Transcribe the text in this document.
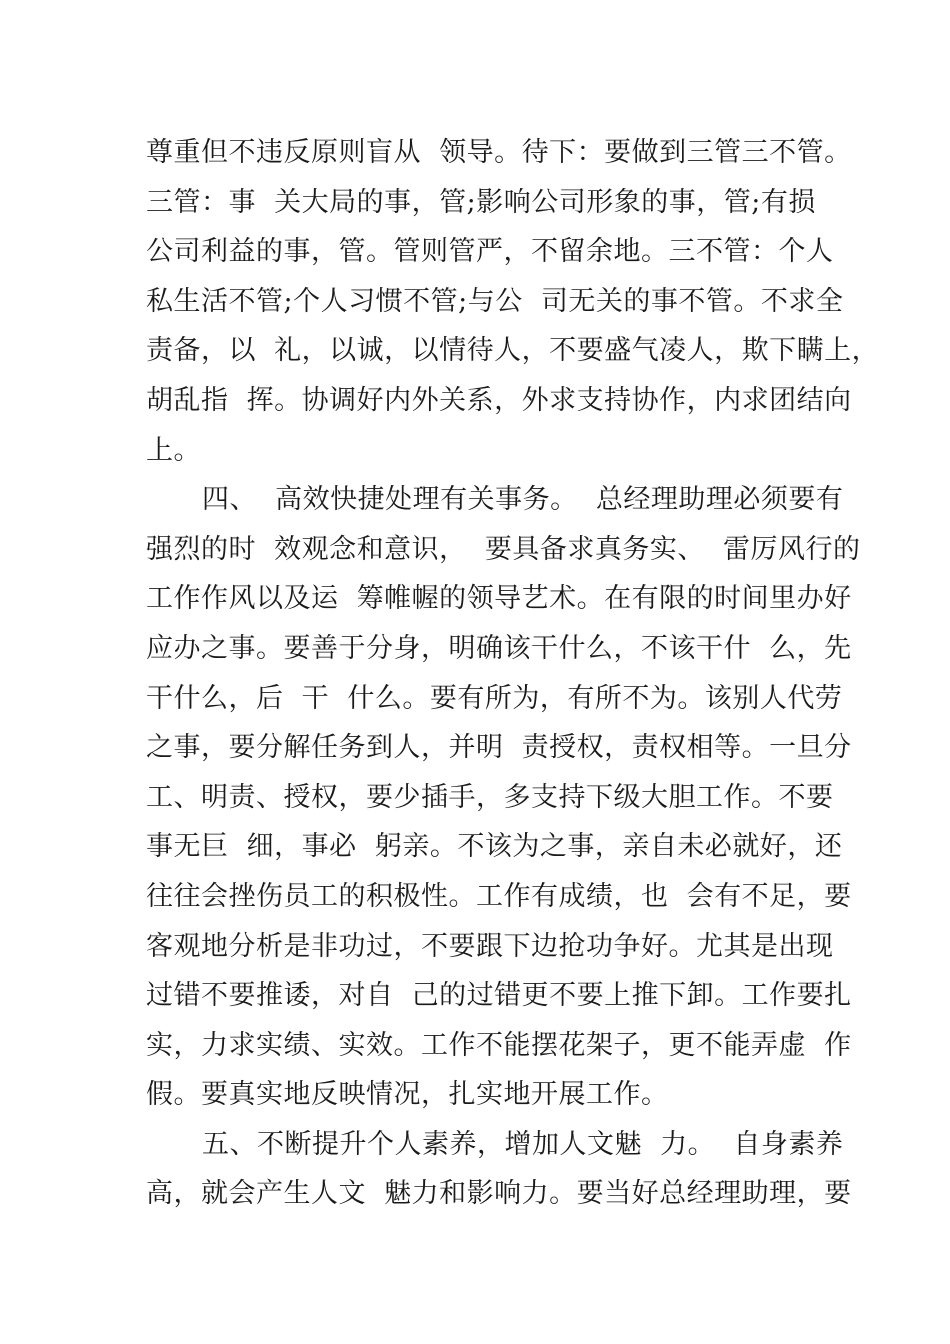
尊重但不违反原则盲从  领导。待下：要做到三管三不管。
三管：事  关大局的事，管;影响公司形象的事，管;有损
公司利益的事，管。管则管严，不留余地。三不管：个人
私生活不管;个人习惯不管;与公  司无关的事不管。不求全
责备，以  礼，以诚，以情待人，不要盛气凌人，欺下瞒上，
胡乱指  挥。协调好内外关系，外求支持协作，内求团结向
上。
四、  高效快捷处理有关事务。  总经理助理必须要有
强烈的时  效观念和意识，  要具备求真务实、  雷厉风行的
工作作风以及运  筹帷幄的领导艺术。在有限的时间里办好
应办之事。要善于分身，明确该干什么，不该干什  么，先
干什么，后  干  什么。要有所为，有所不为。该别人代劳
之事，要分解任务到人，并明  责授权，责权相等。一旦分
工、明责、授权，要少插手，多支持下级大胆工作。不要
事无巨  细，事必  躬亲。不该为之事，亲自未必就好，还
往往会挫伤员工的积极性。工作有成绩，也  会有不足，要
客观地分析是非功过，不要跟下边抢功争好。尤其是出现
过错不要推诿，对自  己的过错更不要上推下卸。工作要扎
实，力求实绩、实效。工作不能摆花架子，更不能弄虚  作
假。要真实地反映情况，扎实地开展工作。
五、不断提升个人素养，增加人文魅  力。  自身素养
高，就会产生人文  魅力和影响力。要当好总经理助理，要
